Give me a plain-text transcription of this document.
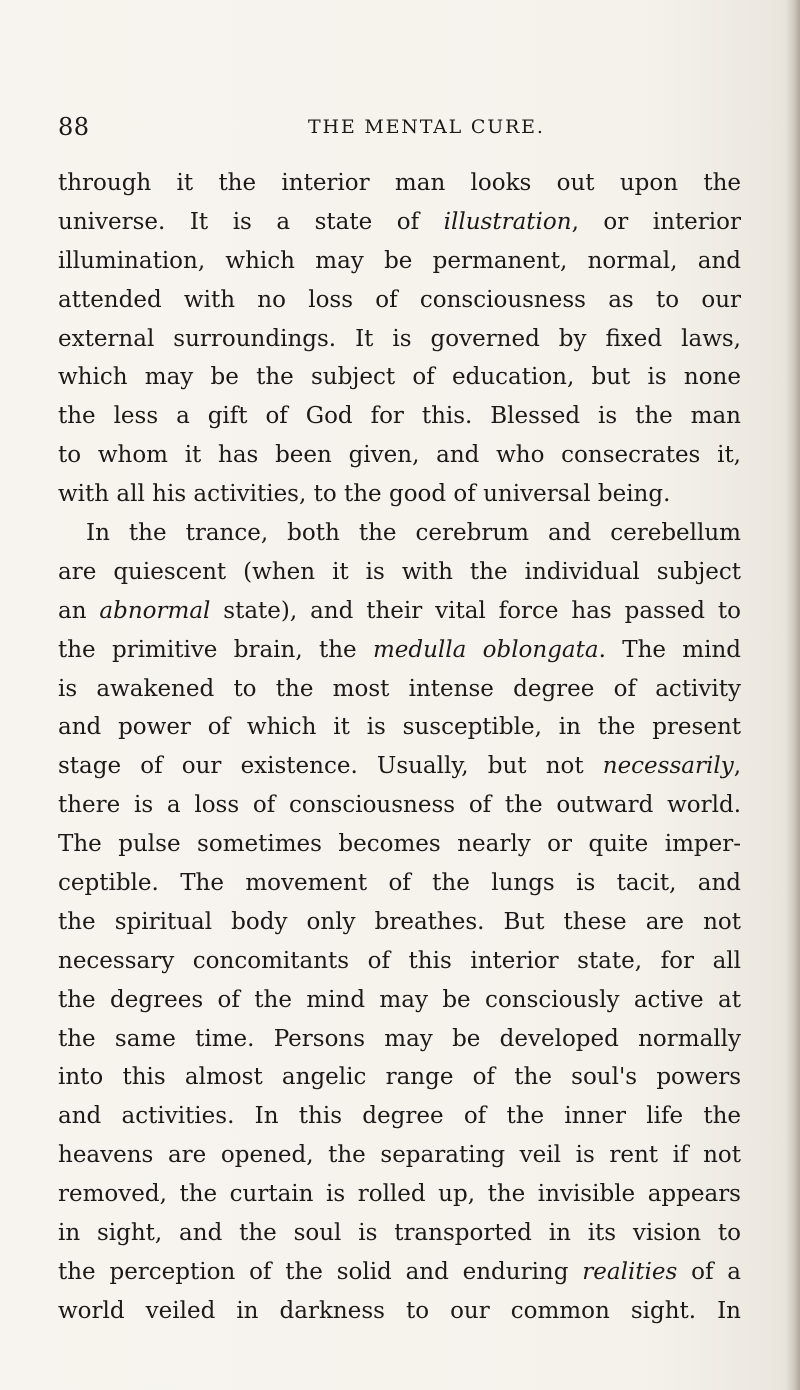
88	THE MENTAL CURE.
through it the interior man looks out upon the
universe. It is a state of illustration, or interior
illumination, which may be permanent, normal, and
attended with no loss of consciousness as to our
external surroundings. It is governed by fixed laws,
which may be the subject of education, but is none
the less a gift of God for this. Blessed is the man
to whom it has been given, and who consecrates it,
with all his activities, to the good of universal being.
In the trance, both the cerebrum and cerebellum
are quiescent (when it is with the individual subject
an abnormal state), and their vital force has passed to
the primitive brain, the medulla oblongata. The mind
is awakened to the most intense degree of activity
and power of which it is susceptible, in the present
stage of our existence. Usually, but not necessarily,
there is a loss of consciousness of the outward world.
The pulse sometimes becomes nearly or quite imper-
ceptible. The movement of the lungs is tacit, and
the spiritual body only breathes. But these are not
necessary concomitants of this interior state, for all
the degrees of the mind may be consciously active at
the same time. Persons may be developed normally
into this almost angelic range of the soul's powers
and activities. In this degree of the inner life the
heavens are opened, the separating veil is rent if not
removed, the curtain is rolled up, the invisible appears
in sight, and the soul is transported in its vision to
the perception of the solid and enduring realities of a
world veiled in darkness to our common sight. In
